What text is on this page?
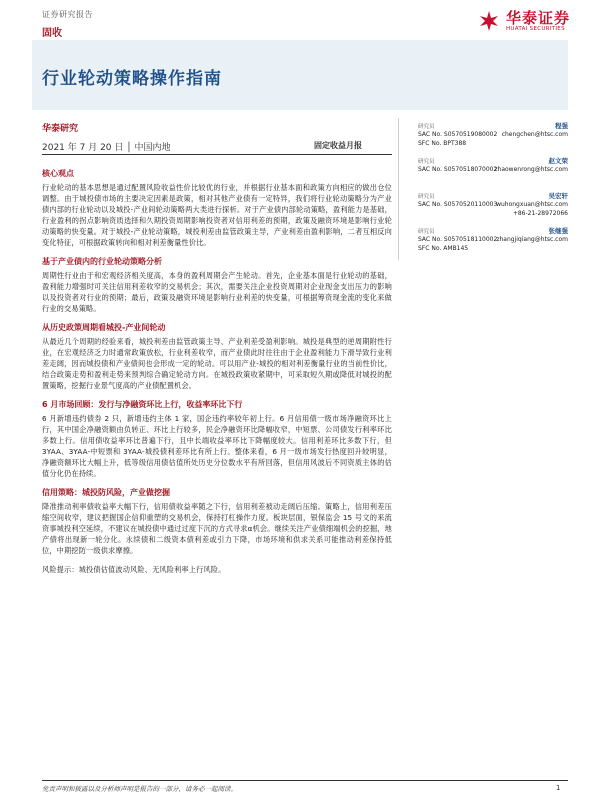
证券研究报告	华泰证券
HUATAI SECURITIES
固收
行业轮动策略操作指南
华泰研究
2021 年 7 月 20 日 │ 中国内地	固定收益月报
研究员	程强
SAC No. S0570519080002 chengchen@htsc.com
SFC No. BPT388
研究员	赵文荣
SAC No. S0570518070002
zhaowenrong@htsc.com
研究员	吴宏轩
SAC No. S0570520110003
wuhongxuan@htsc.com
+86-21-28972066
研究员	张继强
SAC No. S0570518110002 zhangjiqiang@htsc.com
SFC No. AMB145
核心观点

行业轮动的基本思想是通过配置风险收益性价比较优的行业，并根据行业基本面和政策方向相应的做出仓位调整。由于城投债市场的主要决定因素是政策，相对其他产业债有一定特异，我们将行业轮动策略分为产业债内部的行业轮动以及城投-产业间轮动策略两大类进行探析。对于产业债内部轮动策略，盈利能力是基础，行业盈利的拐点影响资质选择和久期投资周期影响投资者对信用利差的预期，政策及融资环境是影响行业轮动策略的快变量。对于城投-产业轮动策略，城投利差由监管政策主导，产业利差由盈利影响，二者互相反向变化特征，可根据政策转向和相对利差衡量性价比。

基于产业债内的行业轮动策略分析

周期性行业由于和宏观经济相关度高，本身的盈利周期会产生轮动。首先，企业基本面是行业轮动的基础，盈利能力增强时可关注信用利差收窄的交易机会；其次，需要关注企业投资周期对企业现金支出压力的影响以及投资者对行业的预期；最后，政策及融资环境是影响行业利差的快变量，可根据筹资现金流的变化来做行业的交易策略。

从历史政策周期看城投-产业间轮动

从最近几个周期的经验来看，城投利差由监管政策主导、产业利差受盈利影响。城投是典型的逆周期附性行业，在宏观经济乏力时通常政策放松，行业利差收窄，而产业债此时往往由于企业盈利能力下滑导致行业利差走阔，因而城投债和产业债间也会形成一定的轮动。可以用产业-城投的相对利差衡量行业的当前性价比，结合政策走势和盈利走势来预判综合确定轮动方向。在城投政策收紧期中，可采取短久期或降低对城投的配置策略，挖掘行业景气度高的产业债配置机会。

6 月市场回顾：发行与净融资环比上行，收益率环比下行

6 月新增违约债券 2 只，新增违约主体 1 家，国企违约率较年初上行。6 月信用债一级市场净融资环比上行，其中国企净融资额由负转正、环比上行较多，民企净融资环比降幅收窄，中短票、公司债发行利率环比多数上行。信用债收益率环比普遍下行，且中长端收益率环比下降幅度较大。信用利差环比多数下行，但 3YAA、3YAA-中短票和 3YAA-城投债利差环比有所上行。整体来看，6 月一级市场发行热度回升较明显，净融资额环比大幅上升，低等级信用债估值所处历史分位数水平有所回落，但信用风波后不同资质主体的估值分化仍在持续。

信用策略：城投防风险，产业做挖掘

降准推动利率债收益率大幅下行，信用债收益率随之下行，信用利差被动走阔后压缩。策略上，信用利差压缩空间收窄，建议把握国企信仰重塑的交易机会，保持打杠操作力度。板块层面，银保监会 15 号文的来流资事城投利空延续，不建议在城投债中通过过度下沉的方式寻求α机会。继续关注产业债细端机会的挖掘，地产债将出现新一轮分化。永续债和二级资本债利差或引力下降，市场环境和供求关系可能推动利差保持低位，中期挖防一级供求摩擦。

风险提示：城投债估值波动风险、无风险利率上行风险。

免责声明和披露以及分析师声明是报告的一部分，请务必一起阅读。	1
